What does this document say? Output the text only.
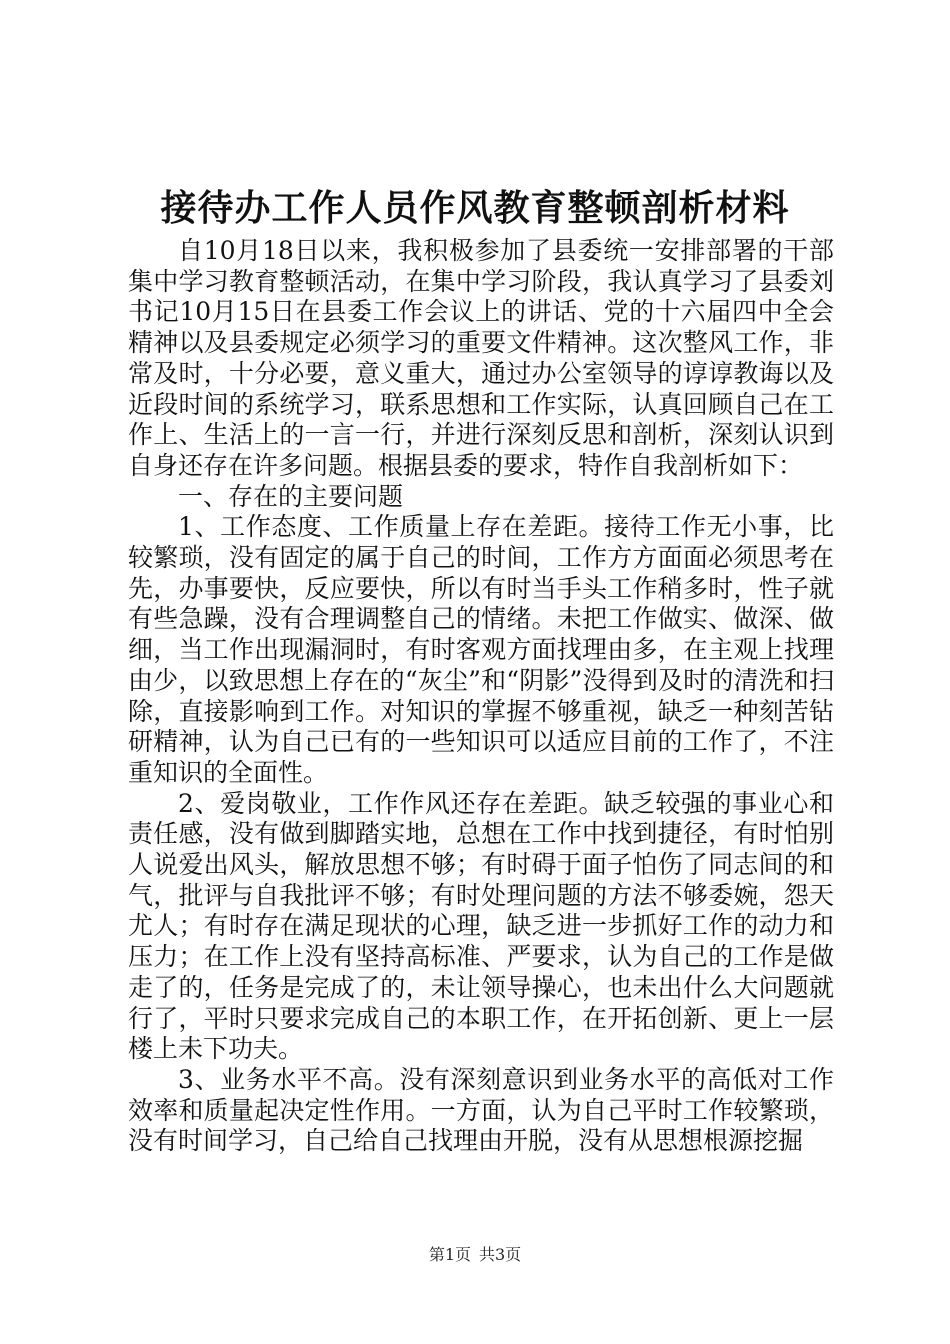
接待办工作人员作风教育整顿剖析材料

自10月18日以来，我积极参加了县委统一安排部署的干部集中学习教育整顿活动，在集中学习阶段，我认真学习了县委刘书记10月15日在县委工作会议上的讲话、党的十六届四中全会精神以及县委规定必须学习的重要文件精神。这次整风工作，非常及时，十分必要，意义重大，通过办公室领导的谆谆教诲以及近段时间的系统学习，联系思想和工作实际，认真回顾自己在工作上、生活上的一言一行，并进行深刻反思和剖析，深刻认识到自身还存在许多问题。根据县委的要求，特作自我剖析如下：

一、存在的主要问题

1、工作态度、工作质量上存在差距。接待工作无小事，比较繁琐，没有固定的属于自己的时间，工作方方面面必须思考在先，办事要快，反应要快，所以有时当手头工作稍多时，性子就有些急躁，没有合理调整自己的情绪。未把工作做实、做深、做细，当工作出现漏洞时，有时客观方面找理由多，在主观上找理由少，以致思想上存在的“灰尘”和“阴影”没得到及时的清洗和扫除，直接影响到工作。对知识的掌握不够重视，缺乏一种刻苦钻研精神，认为自己已有的一些知识可以适应目前的工作了，不注重知识的全面性。

2、爱岗敬业，工作作风还存在差距。缺乏较强的事业心和责任感，没有做到脚踏实地，总想在工作中找到捷径，有时怕别人说爱出风头，解放思想不够；有时碍于面子怕伤了同志间的和气，批评与自我批评不够；有时处理问题的方法不够委婉，怨天尤人；有时存在满足现状的心理，缺乏进一步抓好工作的动力和压力；在工作上没有坚持高标准、严要求，认为自己的工作是做走了的，任务是完成了的，未让领导操心，也未出什么大问题就行了，平时只要求完成自己的本职工作，在开拓创新、更上一层楼上未下功夫。

3、业务水平不高。没有深刻意识到业务水平的高低对工作效率和质量起决定性作用。一方面，认为自己平时工作较繁琐，没有时间学习，自己给自己找理由开脱，没有从思想根源挖掘

第1页 共3页
